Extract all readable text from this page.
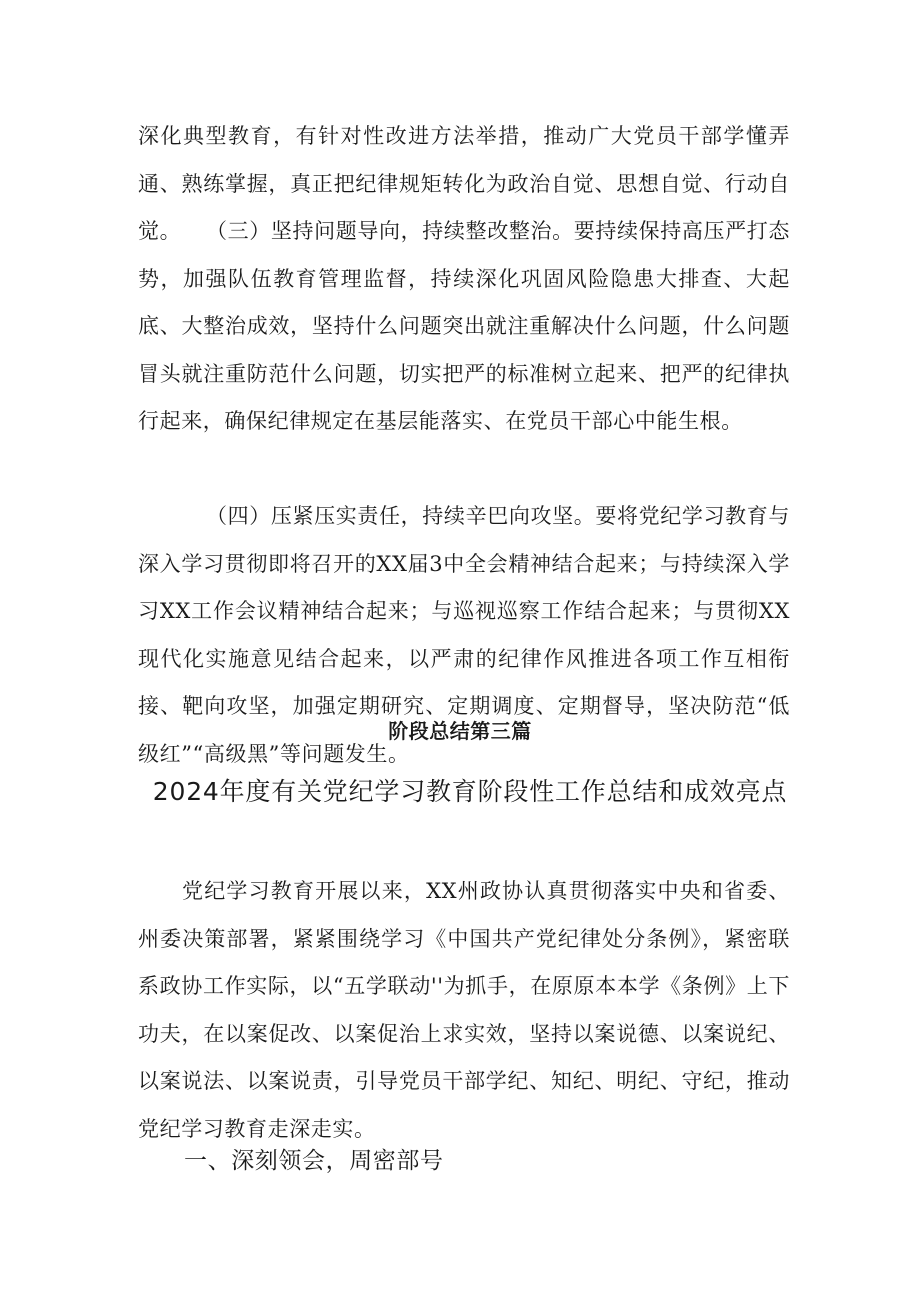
深化典型教育，有针对性改进方法举措，推动广大党员干部学懂弄通、熟练掌握，真正把纪律规矩转化为政治自觉、思想自觉、行动自觉。	（三）坚持问题导向，持续整改整治。要持续保持高压严打态势，加强队伍教育管理监督，持续深化巩固风险隐患大排查、大起底、大整治成效，坚持什么问题突出就注重解决什么问题，什么问题冒头就注重防范什么问题，切实把严的标准树立起来、把严的纪律执行起来，确保纪律规定在基层能落实、在党员干部心中能生根。

（四）压紧压实责任，持续辛巴向攻坚。要将党纪学习教育与深入学习贯彻即将召开的XX届3中全会精神结合起来；与持续深入学习XX工作会议精神结合起来；与巡视巡察工作结合起来；与贯彻XX现代化实施意见结合起来，以严肃的纪律作风推进各项工作互相衔接、靶向攻坚，加强定期研究、定期调度、定期督导，坚决防范“低级红”“高级黑”等问题发生。

阶段总结第三篇
2024年度有关党纪学习教育阶段性工作总结和成效亮点

党纪学习教育开展以来，XX州政协认真贯彻落实中央和省委、州委决策部署，紧紧围绕学习《中国共产党纪律处分条例》，紧密联系政协工作实际，以“五学联动''为抓手，在原原本本学《条例》上下功夫，在以案促改、以案促治上求实效，坚持以案说德、以案说纪、以案说法、以案说责，引导党员干部学纪、知纪、明纪、守纪，推动党纪学习教育走深走实。

一、深刻领会，周密部号
